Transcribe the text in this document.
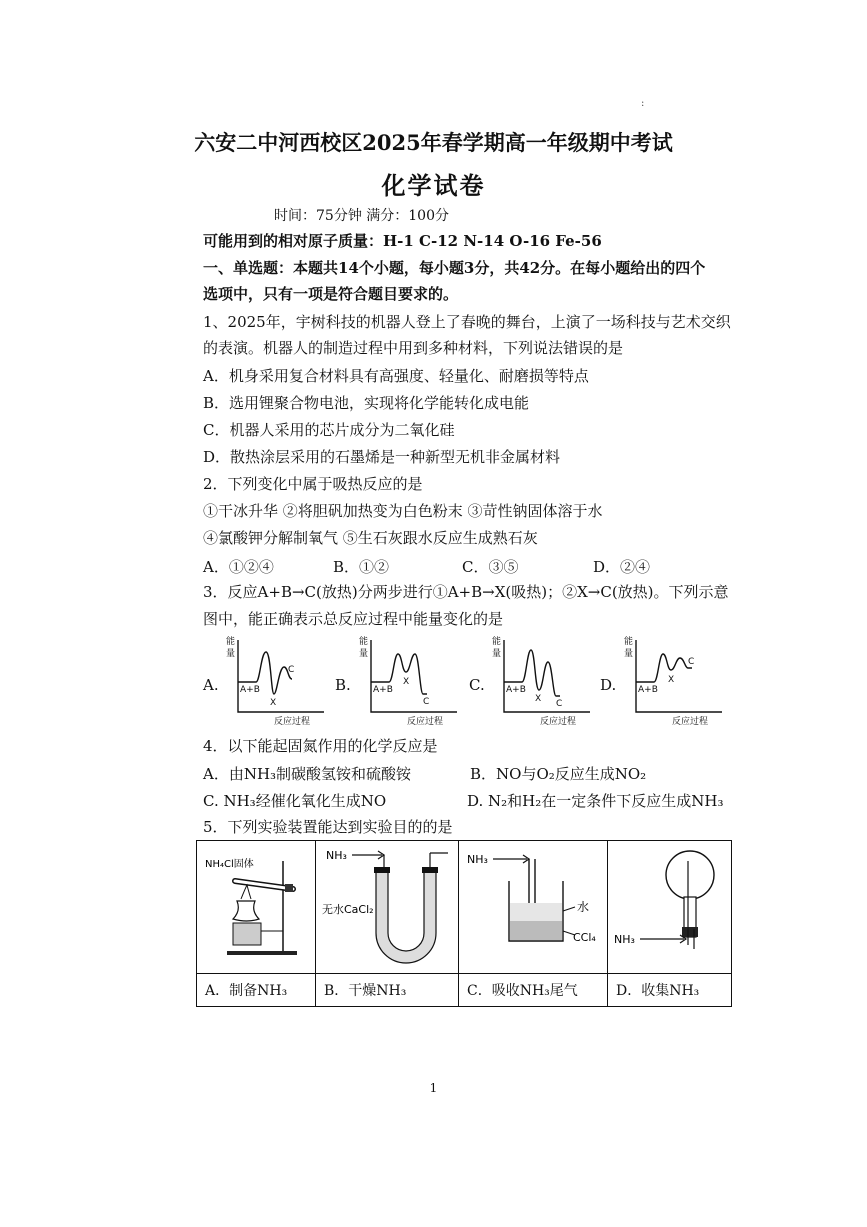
:
六安二中河西校区2025年春学期高一年级期中考试
化学试卷
时间：75分钟 满分：100分
可能用到的相对原子质量：H-1 C-12 N-14 O-16 Fe-56
一、单选题：本题共14个小题，每小题3分，共42分。在每小题给出的四个
选项中，只有一项是符合题目要求的。
1、2025年，宇树科技的机器人登上了春晚的舞台，上演了一场科技与艺术交织
的表演。机器人的制造过程中用到多种材料，下列说法错误的是
A．机身采用复合材料具有高强度、轻量化、耐磨损等特点
B．选用锂聚合物电池，实现将化学能转化成电能
C．机器人采用的芯片成分为二氧化硅
D．散热涂层采用的石墨烯是一种新型无机非金属材料
2．下列变化中属于吸热反应的是
①干冰升华 ②将胆矾加热变为白色粉末 ③苛性钠固体溶于水
④氯酸钾分解制氧气 ⑤生石灰跟水反应生成熟石灰
A．①②④	B．①②	C．③⑤	D．②④
3．反应A+B→C(放热)分两步进行①A+B→X(吸热)；②X→C(放热)。下列示意
图中，能正确表示总反应过程中能量变化的是
A.	B.	C.	D.
能
量
A+B
X
C
反应过程
能
量
A+B
X
C
反应过程
能
量
A+B
X C
反应过程
能
量
A+B
X
C
反应过程
4．以下能起固氮作用的化学反应是
A．由NH₃制碳酸氢铵和硫酸铵	B．NO与O₂反应生成NO₂
C. NH₃经催化氧化生成NO	D. N₂和H₂在一定条件下反应生成NH₃
5．下列实验装置能达到实验目的的是
NH₄Cl固体	NH₃
无水CaCl₂	NH₃
水
CCl₄	NH₃

A．制备NH₃	B．干燥NH₃	C．吸收NH₃尾气	D．收集NH₃
1
